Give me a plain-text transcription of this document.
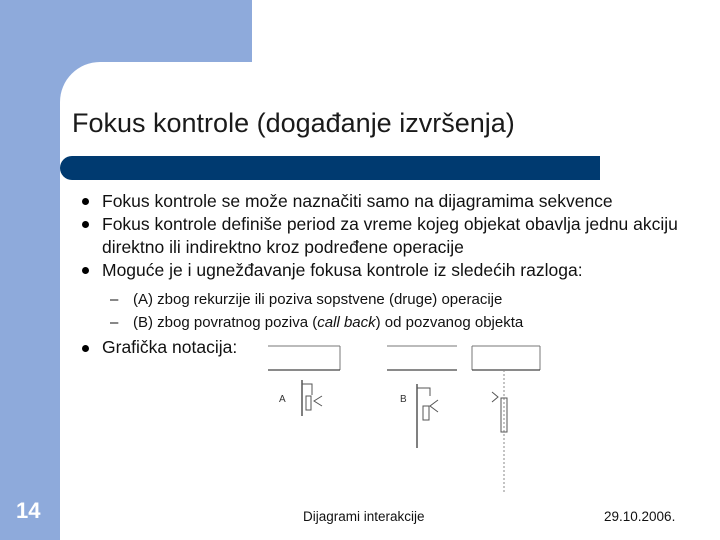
Fokus kontrole (događanje izvršenja)
Fokus kontrole se može naznačiti samo na dijagramima sekvence
Fokus kontrole definiše period za vreme kojeg objekat obavlja jednu akciju direktno ili indirektno kroz podređene operacije
Moguće je i ugnežđavanje fokusa kontrole iz sledećih razloga:
– (A) zbog rekurzije ili poziva sopstvene (druge) operacije
– (B) zbog povratnog poziva (call back) od pozvanog objekta
Grafička notacija:
A	B
14	Dijagrami interakcije	29.10.2006.
